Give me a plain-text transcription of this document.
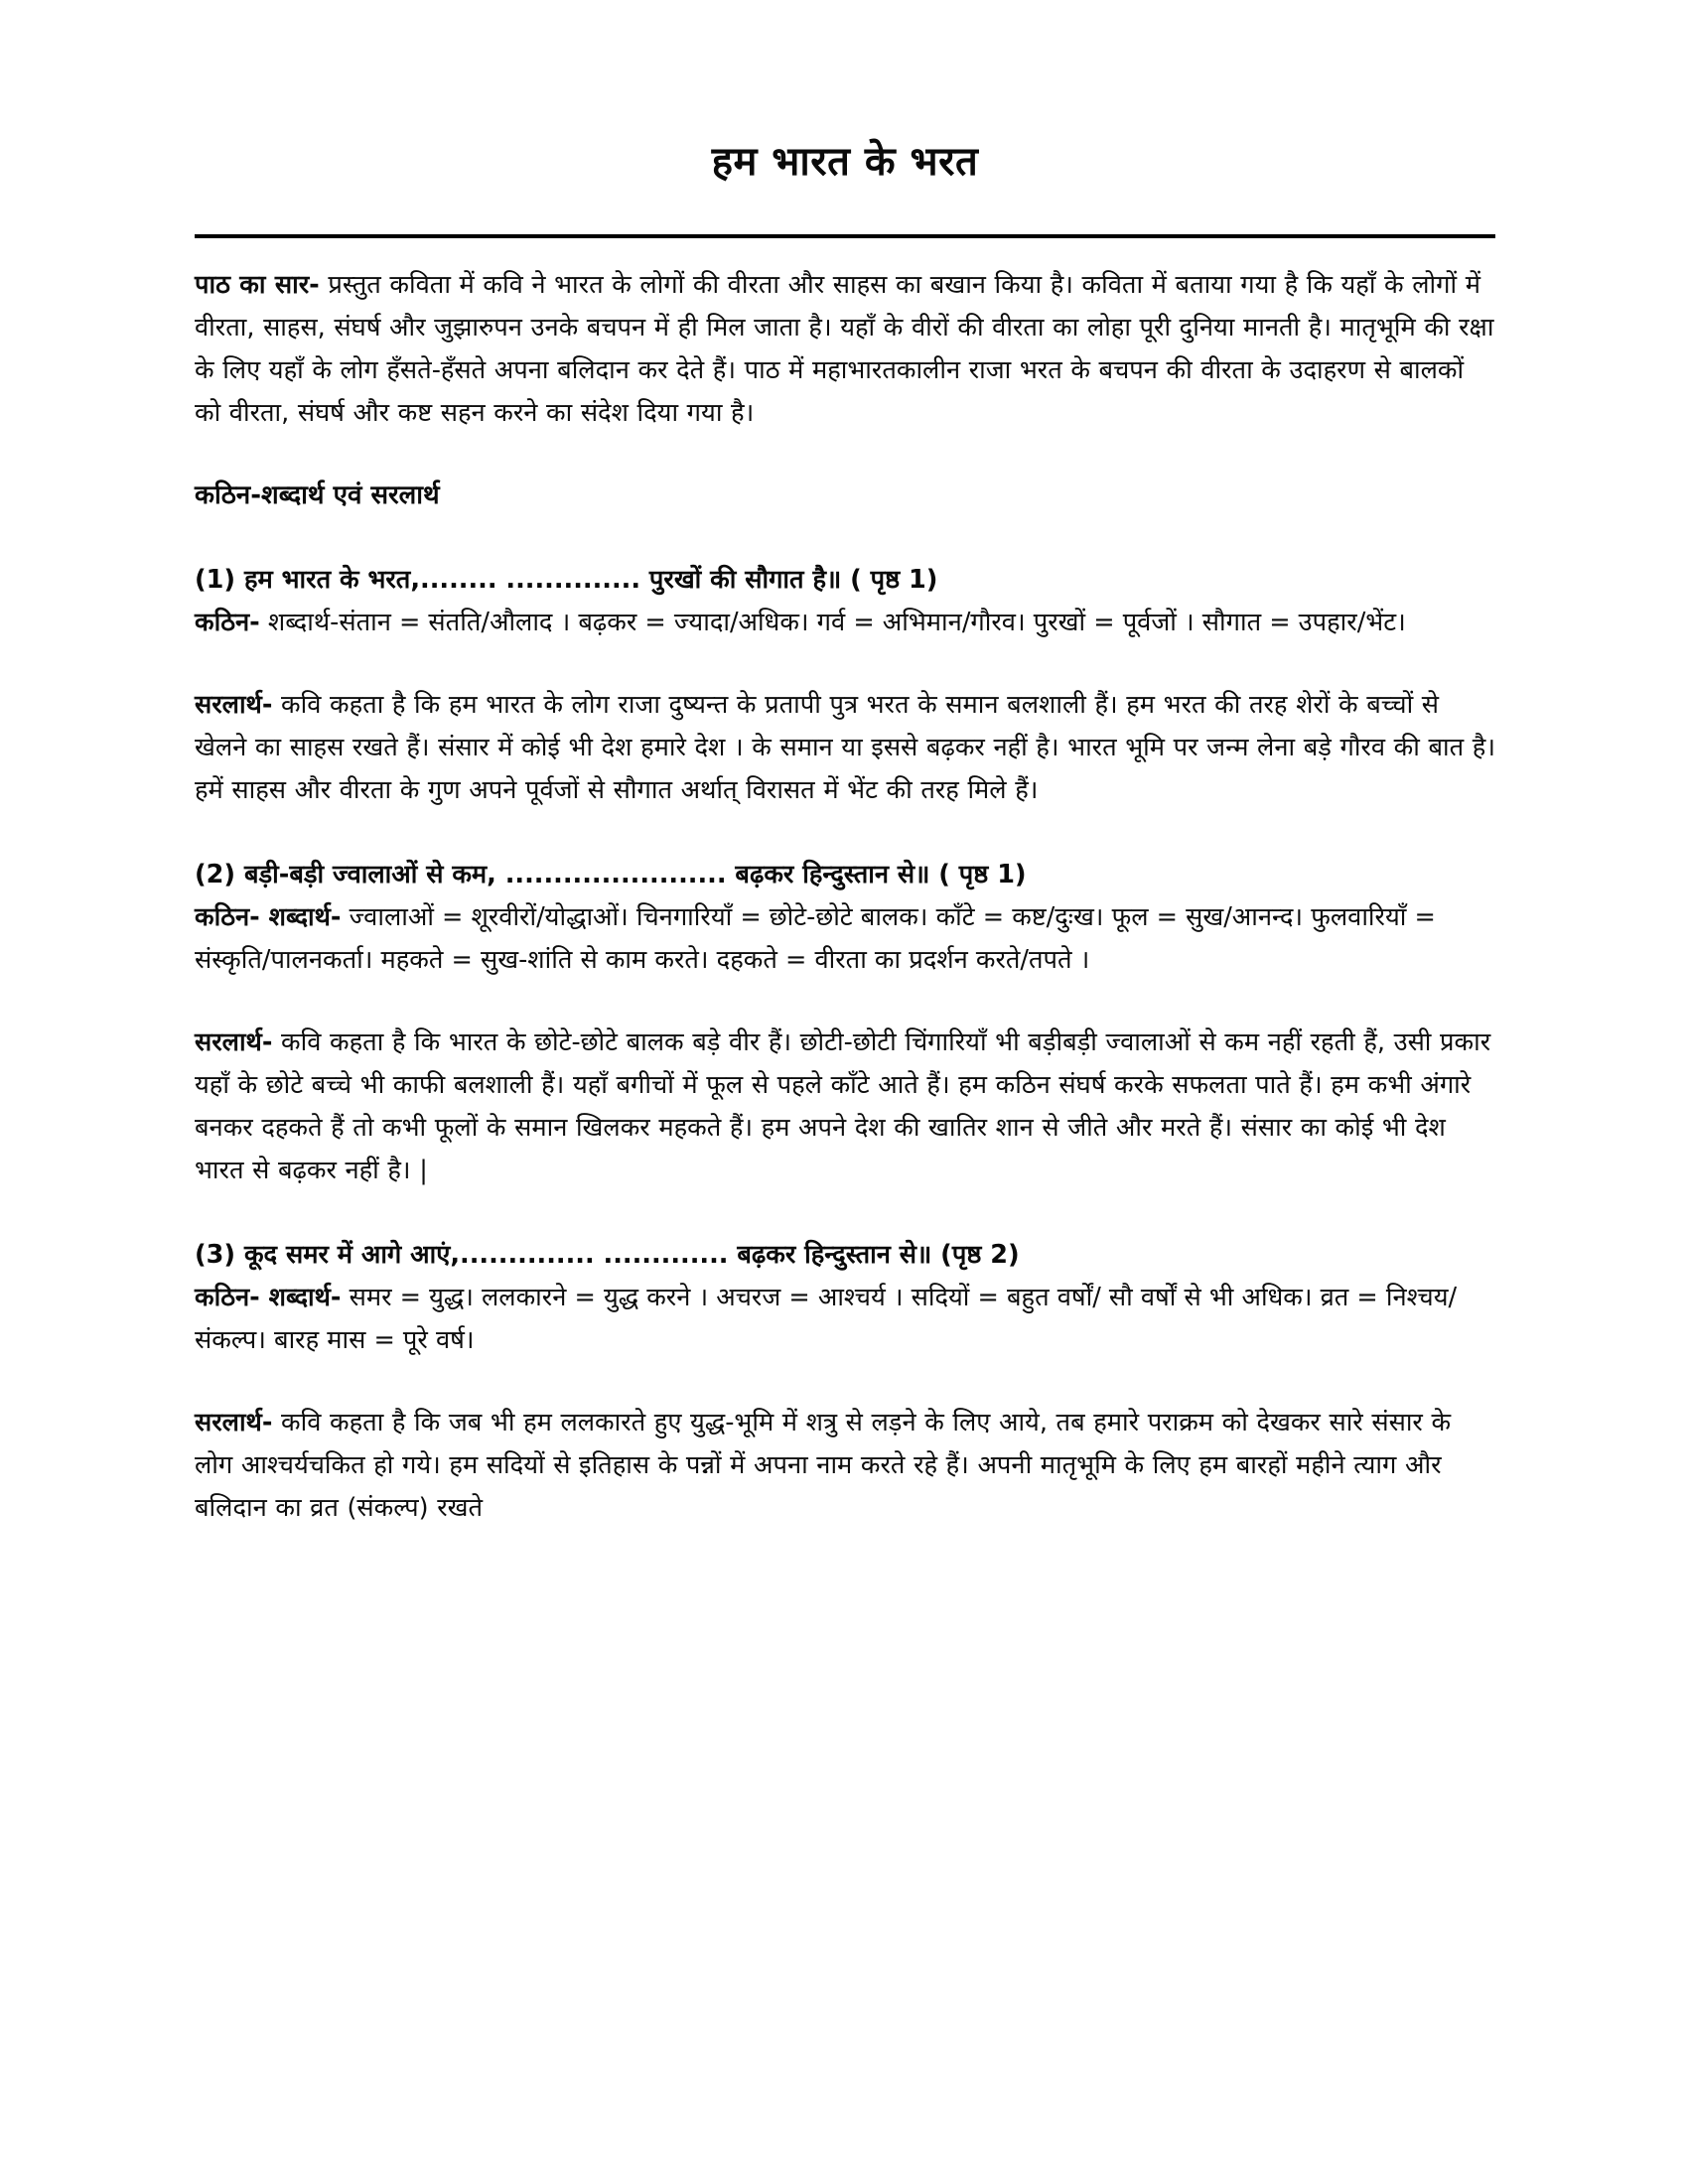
हम भारत के भरत

पाठ का सार- प्रस्तुत कविता में कवि ने भारत के लोगों की वीरता और साहस का बखान किया है। कविता में बताया गया है कि यहाँ के लोगों में वीरता, साहस, संघर्ष और जुझारुपन उनके बचपन में ही मिल जाता है। यहाँ के वीरों की वीरता का लोहा पूरी दुनिया मानती है। मातृभूमि की रक्षा के लिए यहाँ के लोग हँसते-हँसते अपना बलिदान कर देते हैं। पाठ में महाभारतकालीन राजा भरत के बचपन की वीरता के उदाहरण से बालकों को वीरता, संघर्ष और कष्ट सहन करने का संदेश दिया गया है।

कठिन-शब्दार्थ एवं सरलार्थ

(1) हम भारत के भरत,........ .............. पुरखों की सौगात है॥ ( पृष्ठ 1)

कठिन- शब्दार्थ-संतान = संतति/औलाद । बढ़कर = ज्यादा/अधिक। गर्व = अभिमान/गौरव। पुरखों = पूर्वजों । सौगात = उपहार/भेंट।

सरलार्थ- कवि कहता है कि हम भारत के लोग राजा दुष्यन्त के प्रतापी पुत्र भरत के समान बलशाली हैं। हम भरत की तरह शेरों के बच्चों से खेलने का साहस रखते हैं। संसार में कोई भी देश हमारे देश । के समान या इससे बढ़कर नहीं है। भारत भूमि पर जन्म लेना बड़े गौरव की बात है। हमें साहस और वीरता के गुण अपने पूर्वजों से सौगात अर्थात् विरासत में भेंट की तरह मिले हैं।

(2) बड़ी-बड़ी ज्वालाओं से कम, ....................... बढ़कर हिन्दुस्तान से॥ ( पृष्ठ 1)

कठिन- शब्दार्थ- ज्वालाओं = शूरवीरों/योद्धाओं। चिनगारियाँ = छोटे-छोटे बालक। काँटे = कष्ट/दुःख। फूल = सुख/आनन्द। फुलवारियाँ = संस्कृति/पालनकर्ता। महकते = सुख-शांति से काम करते। दहकते = वीरता का प्रदर्शन करते/तपते ।

सरलार्थ- कवि कहता है कि भारत के छोटे-छोटे बालक बड़े वीर हैं। छोटी-छोटी चिंगारियाँ भी बड़ीबड़ी ज्वालाओं से कम नहीं रहती हैं, उसी प्रकार यहाँ के छोटे बच्चे भी काफी बलशाली हैं। यहाँ बगीचों में फूल से पहले काँटे आते हैं। हम कठिन संघर्ष करके सफलता पाते हैं। हम कभी अंगारे बनकर दहकते हैं तो कभी फूलों के समान खिलकर महकते हैं। हम अपने देश की खातिर शान से जीते और मरते हैं। संसार का कोई भी देश भारत से बढ़कर नहीं है। |

(3) कूद समर में आगे आएं,.............. ............. बढ़कर हिन्दुस्तान से॥ (पृष्ठ 2)

कठिन- शब्दार्थ- समर = युद्ध। ललकारने = युद्ध करने । अचरज = आश्चर्य । सदियों = बहुत वर्षों/ सौ वर्षों से भी अधिक। व्रत = निश्चय/संकल्प। बारह मास = पूरे वर्ष।

सरलार्थ- कवि कहता है कि जब भी हम ललकारते हुए युद्ध-भूमि में शत्रु से लड़ने के लिए आये, तब हमारे पराक्रम को देखकर सारे संसार के लोग आश्चर्यचकित हो गये। हम सदियों से इतिहास के पन्नों में अपना नाम करते रहे हैं। अपनी मातृभूमि के लिए हम बारहों महीने त्याग और बलिदान का व्रत (संकल्प) रखते
